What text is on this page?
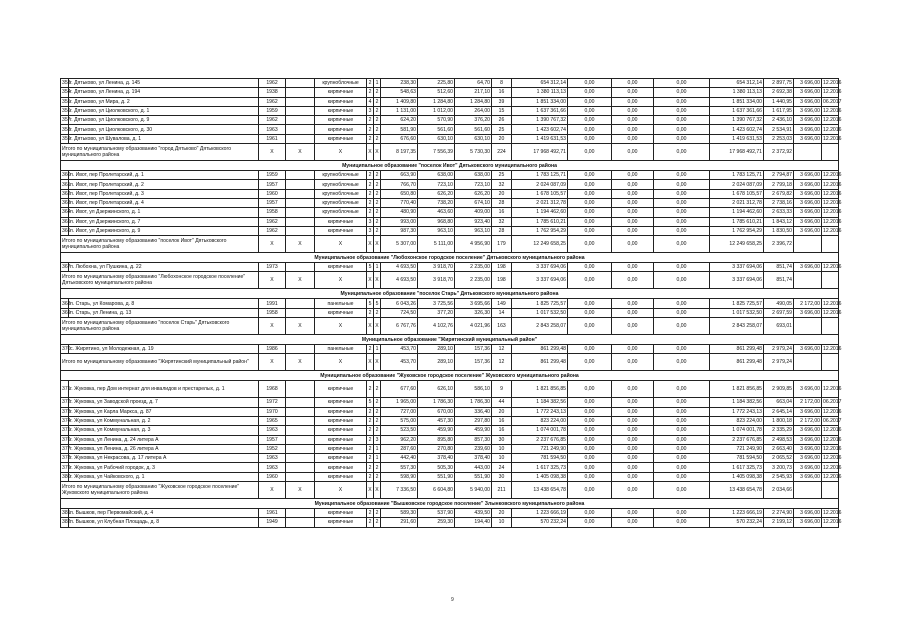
353	г. Дятьково, ул Ленина, д. 145	1962		крупноблочные	2	1	238,30	225,80	64,70	8	654 312,14	0,00	0,00	0,00	654 312,14	2 897,75	3 696,00	12.2016
354	г. Дятьково, ул Ленина, д. 194	1938		кирпичные	2	2	548,63	512,60	217,10	16	1 380 113,13	0,00	0,00	0,00	1 380 113,13	2 692,38	3 696,00	12.2016
355	г. Дятьково, ул Мира, д. 2	1962		кирпичные	4	2	1 409,80	1 284,80	1 284,80	39	1 851 334,00	0,00	0,00	0,00	1 851 334,00	1 440,95	3 696,00	06.2017
356	г. Дятьково, ул Циолковского, д. 1	1959		кирпичные	3	2	1 131,00	1 012,00	264,00	15	1 637 361,66	0,00	0,00	0,00	1 637 361,66	1 617,95	3 696,00	12.2016
357	г. Дятьково, ул Циолковского, д. 9	1962		кирпичные	2	2	624,20	570,90	376,20	26	1 390 767,32	0,00	0,00	0,00	1 390 767,32	2 436,10	3 696,00	12.2016
358	г. Дятьково, ул Циолковского, д. 30	1963		кирпичные	2	2	581,90	561,60	561,60	25	1 423 602,74	0,00	0,00	0,00	1 423 602,74	2 534,91	3 696,00	12.2016
359	г. Дятьково, ул Шувалова, д. 1	1961		кирпичные	2	2	676,60	630,10	630,10	20	1 419 631,53	0,00	0,00	0,00	1 419 631,53	2 253,03	3 696,00	12.2016
Итого по муниципальному образованию "город Дятьково" Дятьковского муниципального района		X	X	X	X	X	8 197,35	7 556,39	5 730,30	224	17 968 492,71	0,00	0,00	0,00	17 968 492,71	2 372,92		
Муниципальное образование "поселок Ивот" Дятьковского муниципального района																		
360	п. Ивот, пер Пролетарский, д. 1	1959		крупноблочные	2	2	663,90	638,00	638,00	25	1 783 125,71	0,00	0,00	0,00	1 783 125,71	2 794,87	3 696,00	12.2016
361	п. Ивот, пер Пролетарский, д. 2	1957		крупноблочные	2	2	766,70	723,10	723,10	32	2 024 087,09	0,00	0,00	0,00	2 024 087,09	2 799,18	3 696,00	12.2016
362	п. Ивот, пер Пролетарский, д. 3	1960		крупноблочные	2	2	650,80	626,20	626,20	20	1 678 105,57	0,00	0,00	0,00	1 678 105,57	2 679,82	3 696,00	12.2016
363	п. Ивот, пер Пролетарский, д. 4	1957		крупноблочные	2	2	770,40	738,20	674,10	28	2 021 312,78	0,00	0,00	0,00	2 021 312,78	2 738,16	3 696,00	12.2016
364	п. Ивот, ул Дзержинского, д. 1	1958		крупноблочные	2	2	480,90	463,60	409,00	16	1 194 462,60	0,00	0,00	0,00	1 194 462,60	2 633,33	3 696,00	12.2016
365	п. Ивот, ул Дзержинского, д. 7	1962		кирпичные	3	2	993,00	968,80	923,40	32	1 785 610,21	0,00	0,00	0,00	1 785 610,21	1 843,12	3 696,00	12.2016
366	п. Ивот, ул Дзержинского, д. 9	1962		кирпичные	3	2	987,30	963,10	963,10	28	1 762 954,29	0,00	0,00	0,00	1 762 954,29	1 830,50	3 696,00	12.2016
Итого по муниципальному образованию "поселок Ивот" Дятьковского муниципального района		X	X	X	X	X	5 307,00	5 111,00	4 956,90	179	12 249 658,25	0,00	0,00	0,00	12 249 658,25	2 396,72		
Муниципальное образование "Любохонское городское поселение" Дятьковского муниципального района																		
367	п. Любохна, ул Пушкина, д. 22	1973		кирпичные	5	1	4 693,50	3 918,70	2 235,00	198	3 337 694,06	0,00	0,00	0,00	3 337 694,06	851,74	3 696,00	12.2016
Итого по муниципальному образованию "Любохонское городское поселение" Дятьковского муниципального района		X	X	X	X	X	4 693,50	3 918,70	2 235,00	198	3 337 694,06	0,00	0,00	0,00	3 337 694,06	851,74		
Муниципальное образование "поселок Старь" Дятьковского муниципального района																		
368	п. Старь, ул Комарова, д. 8	1991		панельные	5	5	6 043,26	3 725,56	3 695,66	149	1 825 725,57	0,00	0,00	0,00	1 825 725,57	490,05	2 172,00	12.2016
369	п. Старь, ул Ленина, д. 13	1958		кирпичные	2	2	724,50	377,20	326,30	14	1 017 532,50	0,00	0,00	0,00	1 017 532,50	2 697,59	3 696,00	12.2016
Итого по муниципальному образованию "поселок Старь" Дятьковского муниципального района		X	X	X	X	X	6 767,76	4 102,76	4 021,96	163	2 843 258,07	0,00	0,00	0,00	2 843 258,07	693,01		
Муниципальное образование "Жирятинский муниципальный район"																		
370	с. Жирятино, ул Молодежная, д. 19	1986		панельные	2	1	453,70	289,10	157,36	12	861 299,48	0,00	0,00	0,00	861 299,48	2 979,24	3 696,00	12.2016
Итого по муниципальному образованию "Жирятинский муниципальный район"		X	X	X	X	X	453,70	289,10	157,36	12	861 299,48	0,00	0,00	0,00	861 299,48	2 979,24		
Муниципальное образование "Жуковское городское поселение" Жуковского муниципального района																		
371	г. Жуковка, пер Дом интернат для инвалидов и престарелых, д. 1	1968		кирпичные	2	2	677,60	626,10	586,10	9	1 821 856,85	0,00	0,00	0,00	1 821 856,85	2 909,85	3 696,00	12.2016
372	г. Жуковка, ул Заводской проезд, д. 7	1972		кирпичные	5	2	1 965,00	1 786,30	1 786,30	44	1 184 382,56	0,00	0,00	0,00	1 184 382,56	663,04	2 172,00	06.2017
373	г. Жуковка, ул Карла Маркса, д. 87	1970		кирпичные	2	2	727,00	670,00	336,40	20	1 772 243,13	0,00	0,00	0,00	1 772 243,13	2 645,14	3 696,00	12.2016
374	г. Жуковка, ул Коммунальная, д. 2	1965		кирпичные	2	2	575,00	457,30	297,80	16	823 224,00	0,00	0,00	0,00	823 224,00	1 800,18	2 172,00	06.2017
375	г. Жуковка, ул Коммунальная, д. 3	1963		кирпичные	2	2	523,50	459,90	459,90	16	1 074 001,78	0,00	0,00	0,00	1 074 001,78	2 335,29	3 696,00	12.2016
376	г. Жуковка, ул Ленина, д. 24 литера А	1957		кирпичные	2	3	962,20	895,80	857,30	30	2 237 676,85	0,00	0,00	0,00	2 237 676,85	2 498,53	3 696,00	12.2016
377	г. Жуковка, ул Ленина, д. 26 литера А	1952		кирпичные	2	1	287,60	270,80	239,60	10	721 249,90	0,00	0,00	0,00	721 249,90	2 663,40	3 696,00	12.2016
378	г. Жуковка, ул Некрасова, д. 17 литера А	1963		кирпичные	2	1	442,40	378,40	378,40	10	781 594,50	0,00	0,00	0,00	781 594,50	2 065,52	3 696,00	12.2016
379	г. Жуковка, ул Рабочий городок, д. 3	1963		кирпичные	2	2	557,30	505,30	443,00	24	1 617 325,73	0,00	0,00	0,00	1 617 325,73	3 200,73	3 696,00	12.2016
380	г. Жуковка, ул Чайковского, д. 1	1960		кирпичные	2	2	598,90	551,90	551,90	30	1 405 098,38	0,00	0,00	0,00	1 405 098,38	2 545,93	3 696,00	12.2016
Итого по муниципальному образованию "Жуковское городское поселение" Жуковского муниципального района		X	X	X	X	X	7 336,50	6 604,80	5 940,00	211	13 438 654,78	0,00	0,00	0,00	13 438 654,78	2 034,66		
Муниципальное образование "Вышковское городское поселение" Злынковского муниципального района																		
381	п. Вышков, пер Первомайский, д. 4	1961		кирпичные	2	2	589,30	537,90	439,50	20	1 223 666,19	0,00	0,00	0,00	1 223 666,19	2 274,90	3 696,00	12.2016
382	п. Вышков, ул Клубная Площадь, д. 8	1949		кирпичные	2	2	291,60	259,30	194,40	10	570 232,24	0,00	0,00	0,00	570 232,24	2 199,12	3 696,00	12.2016
9
